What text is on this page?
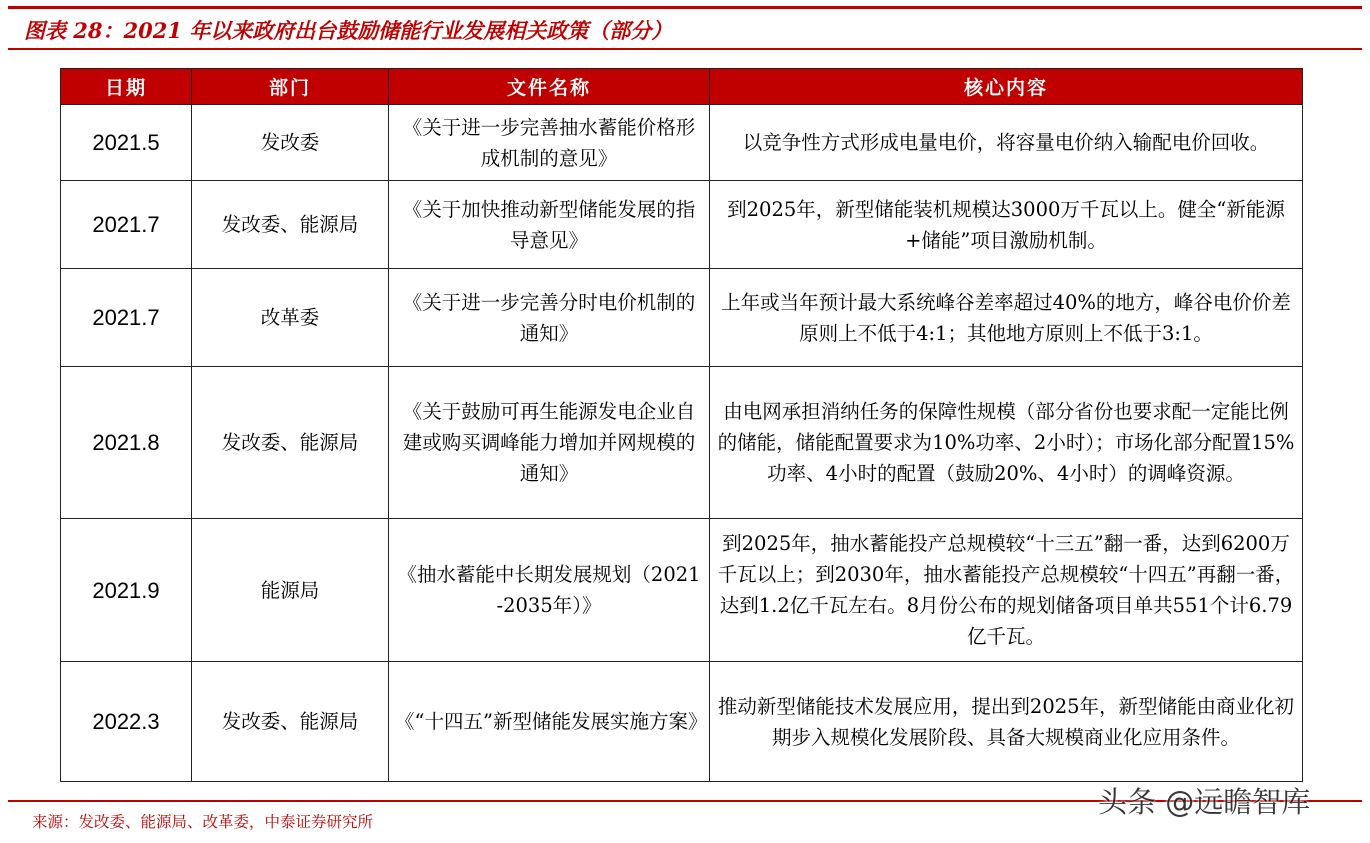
图表 28：2021 年以来政府出台鼓励储能行业发展相关政策（部分）
日期	部门	文件名称	核心内容
2021.5	发改委	《关于进一步完善抽水蓄能价格形成机制的意见》	以竞争性方式形成电量电价，将容量电价纳入输配电价回收。
2021.7	发改委、能源局	《关于加快推动新型储能发展的指导意见》	到2025年，新型储能装机规模达3000万千瓦以上。健全“新能源+储能”项目激励机制。
2021.7	改革委	《关于进一步完善分时电价机制的通知》	上年或当年预计最大系统峰谷差率超过40%的地方，峰谷电价价差原则上不低于4:1；其他地方原则上不低于3:1。
2021.8	发改委、能源局	《关于鼓励可再生能源发电企业自建或购买调峰能力增加并网规模的通知》	由电网承担消纳任务的保障性规模（部分省份也要求配一定能比例的储能，储能配置要求为10%功率、2小时）；市场化部分配置15%功率、4小时的配置（鼓励20%、4小时）的调峰资源。
2021.9	能源局	《抽水蓄能中长期发展规划（2021-2035年）》	到2025年，抽水蓄能投产总规模较“十三五”翻一番，达到6200万千瓦以上；到2030年，抽水蓄能投产总规模较“十四五”再翻一番，达到1.2亿千瓦左右。8月份公布的规划储备项目单共551个计6.79亿千瓦。
2022.3	发改委、能源局	《“十四五”新型储能发展实施方案》	推动新型储能技术发展应用，提出到2025年，新型储能由商业化初期步入规模化发展阶段、具备大规模商业化应用条件。
来源：发改委、能源局、改革委，中泰证券研究所
头条 @远瞻智库
